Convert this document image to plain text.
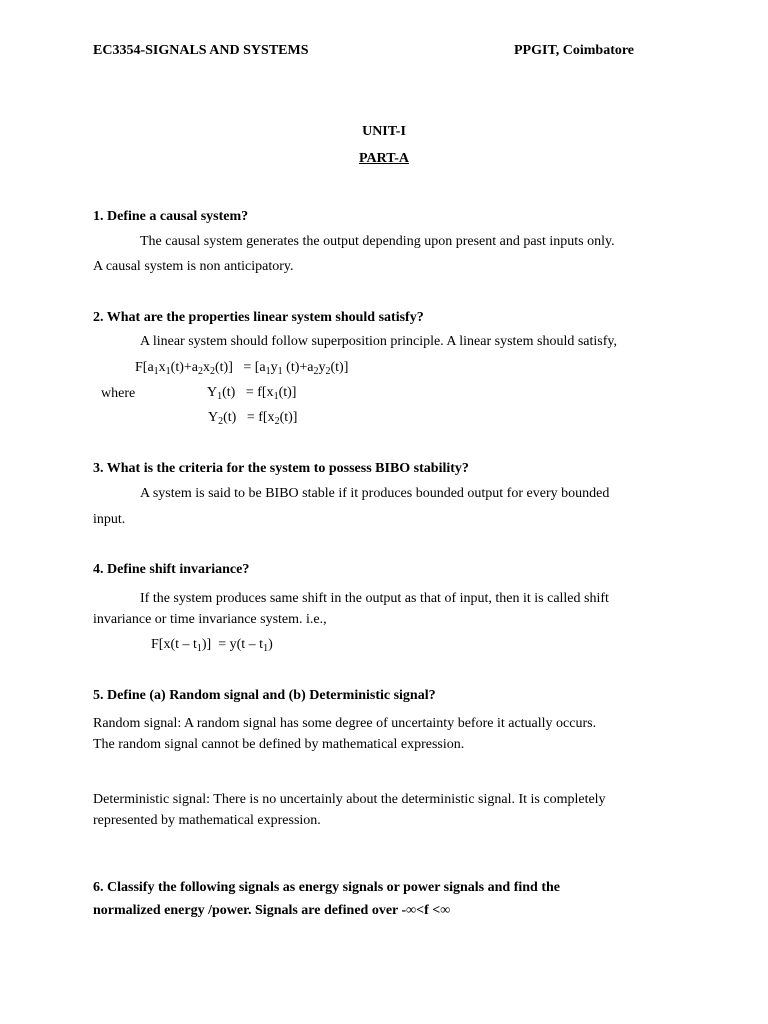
EC3354-SIGNALS AND SYSTEMS	PPGIT, Coimbatore
UNIT-I
PART-A
1. Define a causal system?
The causal system generates the output depending upon present and past inputs only.
A causal system is non anticipatory.
2. What are the properties linear system should satisfy?
A linear system should follow superposition principle. A linear system should satisfy,
$F[a_1x_1(t)+a_2x_2(t)] = [a_1y_1$ $(t)+a_2y_2(t)$]
where	$Y_1(t) = f[x_1(t)]$
$Y_2(t) = f[x_2(t)]$
3. What is the criteria for the system to possess BIBO stability?
A system is said to be BIBO stable if it produces bounded output for every bounded
input.
4. Define shift invariance?
If the system produces same shift in the output as that of input, then it is called shift
invariance or time invariance system. i.e.,
$F[x(t - t_1)] = y(t - t_1)$
5. Define (a) Random signal and (b) Deterministic signal?
Random signal: A random signal has some degree of uncertainty before it actually occurs.
The random signal cannot be defined by mathematical expression.
Deterministic signal: There is no uncertainly about the deterministic signal. It is completely
represented by mathematical expression.
6. Classify the following signals as energy signals or power signals and find the
normalized energy /power. Signals are defined over -∞<f <∞
